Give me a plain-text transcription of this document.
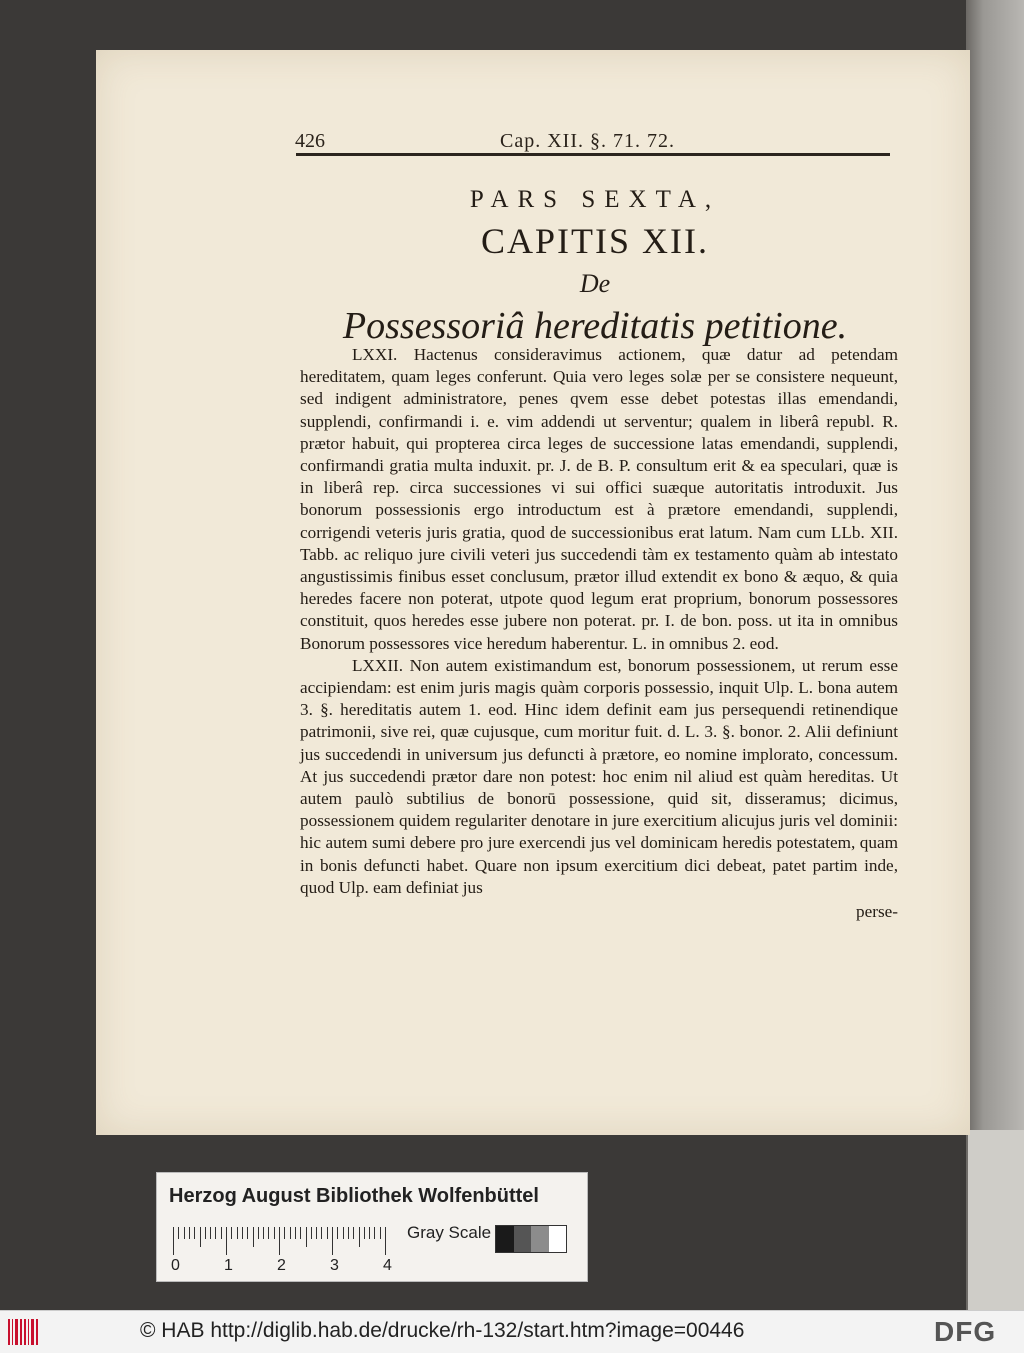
426	Cap. XII. §. 71. 72.
PARS SEXTA,
CAPITIS XII.
De
Possessoriâ hereditatis petitione.

LXXI. Hactenus consideravimus actionem, quæ datur ad petendam hereditatem, quam leges conferunt. Quia vero leges solæ per se consistere nequeunt, sed indigent administratore, penes qvem esse debet potestas illas emendandi, supplendi, confirmandi i. e. vim addendi ut serventur; qualem in liberâ republ. R. prætor habuit, qui propterea circa leges de successione latas emendandi, supplendi, confirmandi gratia multa induxit. pr. J. de B. P. consultum erit & ea speculari, quæ is in liberâ rep. circa successiones vi sui offici suæque autoritatis introduxit. Jus bonorum possessionis ergo introductum est à prætore emendandi, supplendi, corrigendi veteris juris gratia, quod de successionibus erat latum. Nam cum LLb. XII. Tabb. ac reliquo jure civili veteri jus succedendi tàm ex testamento quàm ab intestato angustissimis finibus esset conclusum, prætor illud extendit ex bono & æquo, & quia heredes facere non poterat, utpote quod legum erat proprium, bonorum possessores constituit, quos heredes esse jubere non poterat. pr. I. de bon. poss. ut ita in omnibus Bonorum possessores vice heredum haberentur. L. in omnibus 2. eod.

LXXII. Non autem existimandum est, bonorum possessionem, ut rerum esse accipiendam: est enim juris magis quàm corporis possessio, inquit Ulp. L. bona autem 3. §. hereditatis autem 1. eod. Hinc idem definit eam jus persequendi retinendique patrimonii, sive rei, quæ cujusque, cum moritur fuit. d. L. 3. §. bonor. 2. Alii definiunt jus succedendi in universum jus defuncti à prætore, eo nomine implorato, concessum. At jus succedendi prætor dare non potest: hoc enim nil aliud est quàm hereditas. Ut autem paulò subtilius de bonorū possessione, quid sit, disseramus; dicimus, possessionem quidem regulariter denotare in jure exercitium alicujus juris vel dominii: hic autem sumi debere pro jure exercendi jus vel dominicam heredis potestatem, quam in bonis defuncti habet. Quare non ipsum exercitium dici debeat, patet partim inde, quod Ulp. eam definiat jus

perse-
Herzog August Bibliothek Wolfenbüttel
0	1	2	3	4
Gray Scale
© HAB http://diglib.hab.de/drucke/rh-132/start.htm?image=00446	DFG
